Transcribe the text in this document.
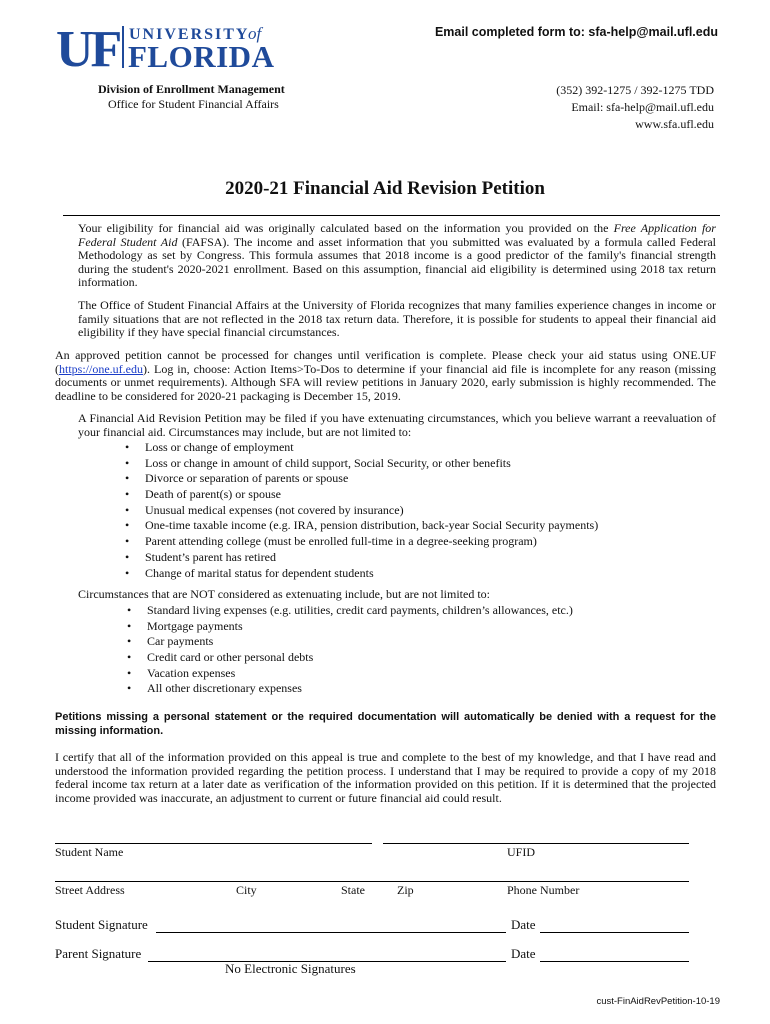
UF UNIVERSITY
of
FLORIDA
Email completed form to: sfa-help@mail.ufl.edu
Division of Enrollment Management
Office for Student Financial Affairs
(352) 392-1275 / 392-1275 TDD
Email: sfa-help@mail.ufl.edu
www.sfa.ufl.edu
2020-21 Financial Aid Revision Petition
Your eligibility for financial aid was originally calculated based on the information you provided on the Free Application for Federal Student Aid (FAFSA). The income and asset information that you submitted was evaluated by a formula called Federal Methodology as set by Congress. This formula assumes that 2018 income is a good predictor of the family's financial strength during the student's 2020-2021 enrollment. Based on this assumption, financial aid eligibility is determined using 2018 tax return information.
The Office of Student Financial Affairs at the University of Florida recognizes that many families experience changes in income or family situations that are not reflected in the 2018 tax return data. Therefore, it is possible for students to appeal their financial aid eligibility if they have special financial circumstances.
An approved petition cannot be processed for changes until verification is complete. Please check your aid status using ONE.UF (https://one.uf.edu). Log in, choose: Action Items>To-Dos to determine if your financial aid file is incomplete for any reason (missing documents or unmet requirements). Although SFA will review petitions in January 2020, early submission is highly recommended. The deadline to be considered for 2020-21 packaging is December 15, 2019.
A Financial Aid Revision Petition may be filed if you have extenuating circumstances, which you believe warrant a reevaluation of your financial aid. Circumstances may include, but are not limited to:
• Loss or change of employment
• Loss or change in amount of child support, Social Security, or other benefits
• Divorce or separation of parents or spouse
• Death of parent(s) or spouse
• Unusual medical expenses (not covered by insurance)
• One-time taxable income (e.g. IRA, pension distribution, back-year Social Security payments)
• Parent attending college (must be enrolled full-time in a degree-seeking program)
• Student’s parent has retired
• Change of marital status for dependent students
Circumstances that are NOT considered as extenuating include, but are not limited to:
• Standard living expenses (e.g. utilities, credit card payments, children’s allowances, etc.)
• Mortgage payments
• Car payments
• Credit card or other personal debts
• Vacation expenses
• All other discretionary expenses
Petitions missing a personal statement or the required documentation will automatically be denied with a request for the missing information.
I certify that all of the information provided on this appeal is true and complete to the best of my knowledge, and that I have read and understood the information provided regarding the petition process. I understand that I may be required to provide a copy of my 2018 federal income tax return at a later date as verification of the information provided on this petition. If it is determined that the projected income provided was inaccurate, an adjustment to current or future financial aid could result.
Student Name	UFID
Street Address	City	State	Zip	Phone Number
Student Signature	Date
Parent Signature	Date
No Electronic Signatures
cust-FinAidRevPetition-10-19
